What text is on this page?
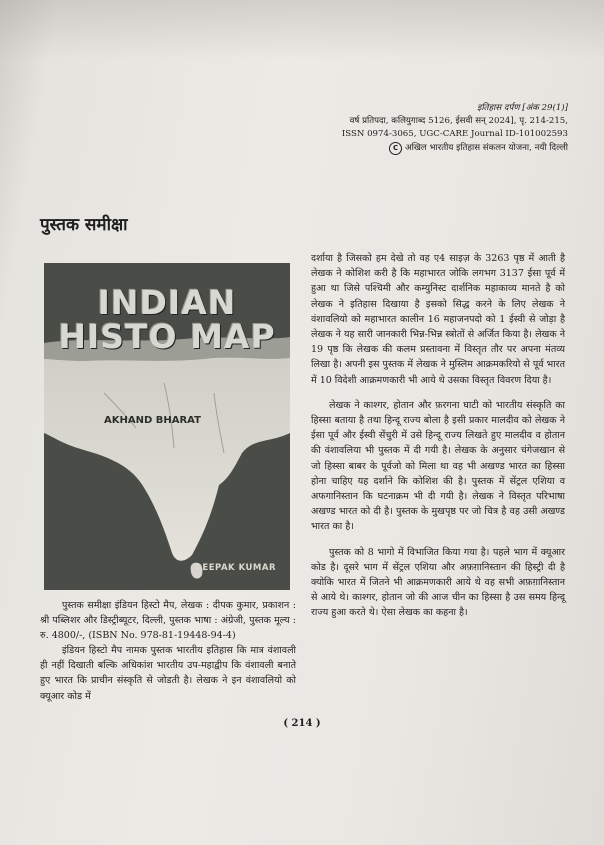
इतिहास दर्पण [अंक 29(1)]
वर्ष प्रतिपदा, कलियुगाब्द 5126, ईसवी सन् 2024], पृ. 214-215,
ISSN 0974-3065, UGC-CARE Journal ID-101002593
C अखिल भारतीय इतिहास संकलन योजना, नयी दिल्ली
पुस्तक समीक्षा
INDIAN
HISTO MAP
AKHAND BHARAT
DEEPAK KUMAR

पुस्तक समीक्षा इंडियन हिस्टो मैप, लेखक : दीपक कुमार, प्रकाशन : श्री पब्लिशर और डिस्ट्रीब्यूटर, दिल्ली, पुस्तक भाषा : अंग्रेजी, पुस्तक मूल्य : रु. 4800/-, (ISBN No. 978-81-19448-94-4)

इंडियन हिस्टो मैप नामक पुस्तक भारतीय इतिहास कि मात्र वंशावली ही नहीं दिखाती बल्कि अधिकांश भारतीय उप-महाद्वीप कि वंशावली बनाते हुए भारत कि प्राचीन संस्कृति से जोडती है। लेखक ने इन वंशावलियो को क्यूआर कोड में

दर्शाया है जिसको हम देखे तो वह ए4 साइज़ के 3263 पृष्ठ में आती है लेखक ने कोशिश करी है कि महाभारत जोकि लगभग 3137 ईसा पूर्व में हुआ था जिसे पश्चिमी और कम्युनिस्ट दार्शनिक महाकाव्य मानते है को लेखक ने इतिहास दिखाया है इसको सिद्ध करने के लिए लेखक ने वंशावलियो को महाभारत कालीन 16 महाजनपदो को 1 ईस्वी से जोड़ा है लेखक ने यह सारी जानकारी भिन्न-भिन्न स्त्रोतों से अर्जित किया है। लेखक ने 19 पृष्ठ कि लेखक की कलम प्रस्तावना में विस्तृत तौर पर अपना मंतव्य लिखा है। अपनी इस पुस्तक में लेखक ने मुस्लिम आक्रमकरियो से पूर्व भारत में 10 विदेशी आक्रमणकारी भी आये थे उसका विस्तृत विवरण दिया है।

लेखक ने काश्गर, होतान और फ़रगना घाटी को भारतीय संस्कृति का हिस्सा बताया है तथा हिन्दू राज्य बोला है इसी प्रकार मालदीव को लेखक ने ईसा पूर्व और ईस्वी सेंचुरी में उसे हिन्दू राज्य लिखते हुए मालदीव व होतान की वंशावलिया भी पुस्तक में दी गयी है। लेखक के अनुसार चंगेजखान से जो हिस्सा बाबर के पूर्वजो को मिला था वह भी अखण्ड भारत का हिस्सा होना चाहिए यह दर्शाने कि कोशिश की है। पुस्तक में सेंट्रल एशिया व अफगानिस्तान कि घटनाक्रम भी दी गयी है। लेखक ने विस्तृत परिभाषा अखण्ड भारत को दी है। पुस्तक के मुखपृष्ठ पर जो चित्र है वह उसी अखण्ड भारत का है।

पुस्तक को 8 भागो में विभाजित किया गया है। पहले भाग में क्यूआर कोड है। दूसरे भाग में सेंट्रल एशिया और अफ़ग़ानिस्तान की हिस्ट्री दी है क्योकि भारत में जितने भी आक्रमणकारी आये थे वह सभी अफ़ग़ानिस्तान से आये थे। काश्गर, होतान जो की आज चीन का हिस्सा है उस समय हिन्दू राज्य हुआ करते थे। ऐसा लेखक का कहना है।

( 214 )
